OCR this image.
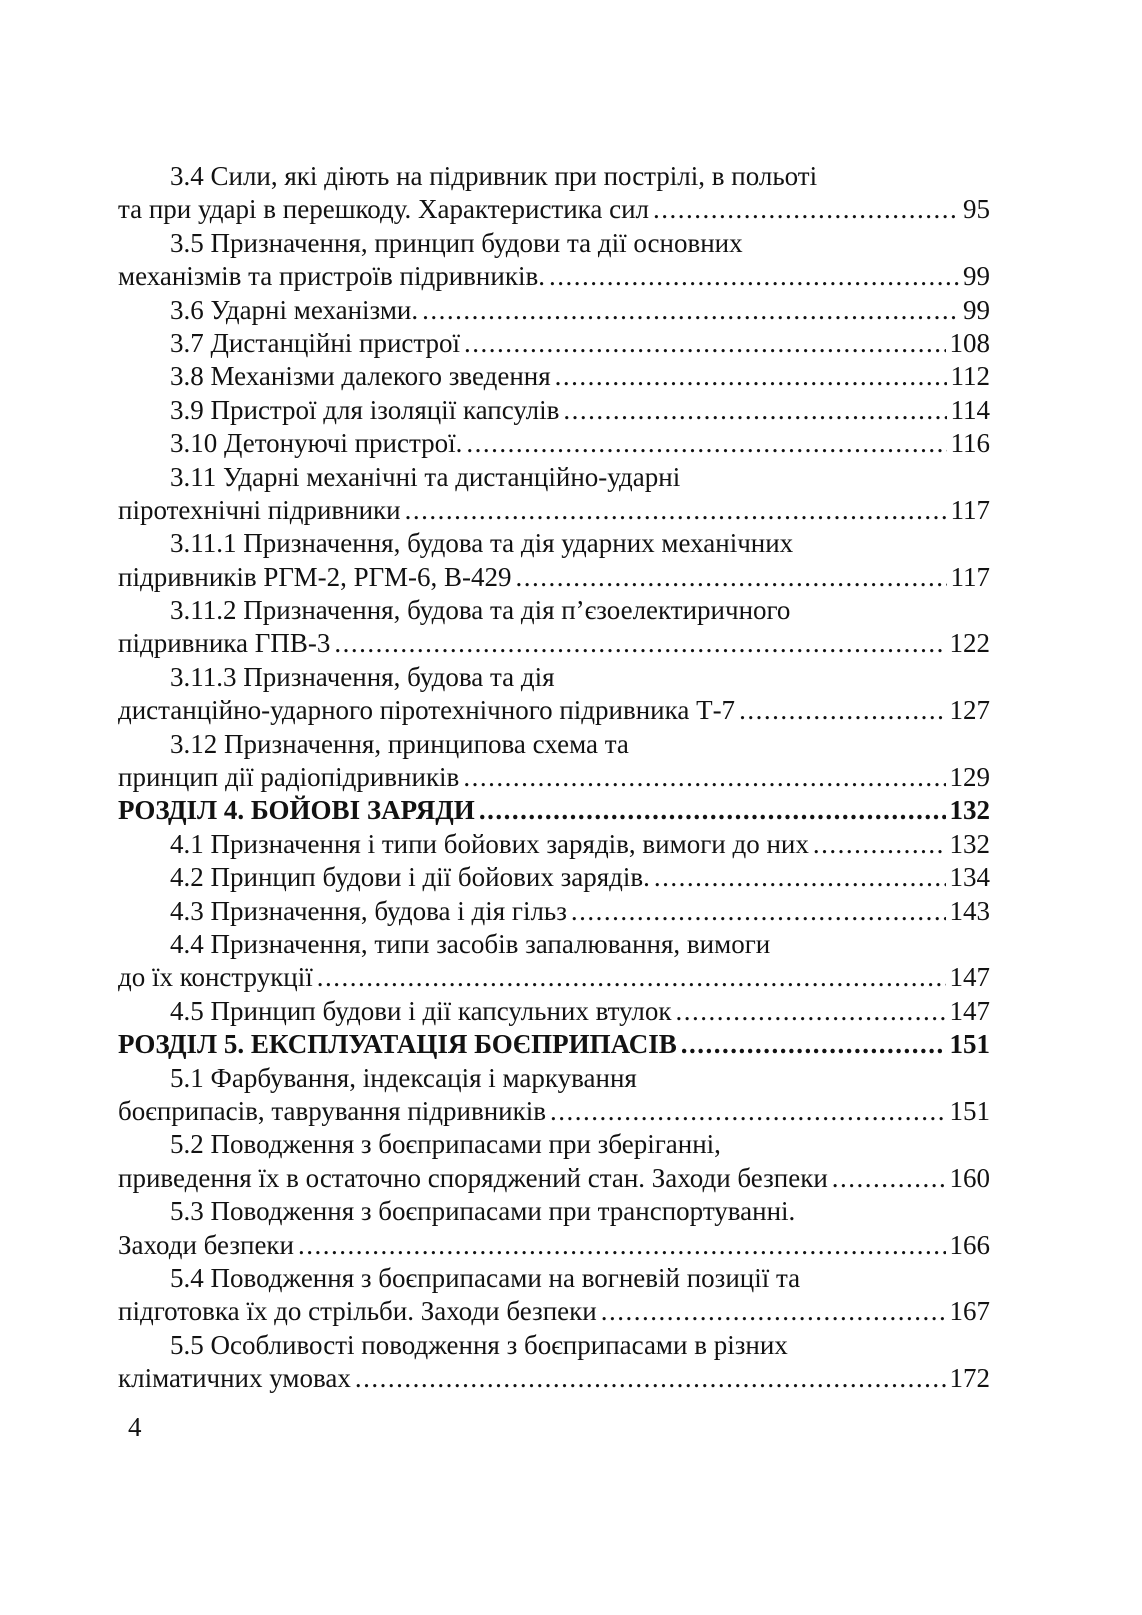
3.4 Сили, які діють на підривник при пострілі, в польоті
та при ударі в перешкоду. Характеристика сил .....	95
3.5 Призначення, принцип будови та дії основних
механізмів та пристроїв підривників. .....	99
3.6 Ударні механізми. .....	99
3.7 Дистанційні пристрої .....	108
3.8 Механізми далекого зведення .....	112
3.9 Пристрої для ізоляції капсулів .....	114
3.10 Детонуючі пристрої. .....	116
3.11 Ударні механічні та дистанційно-ударні
піротехнічні підривники .....	117
3.11.1 Призначення, будова та дія ударних механічних
підривників РГМ-2, РГМ-6, В-429 .....	117
3.11.2 Призначення, будова та дія п’єзоелектиричного
підривника ГПВ-3 .....	122
3.11.3 Призначення, будова та дія
дистанційно-ударного піротехнічного підривника Т-7 .....	127
3.12 Призначення, принципова схема та
принцип дії радіопідривників .....	129
РОЗДІЛ 4. БОЙОВІ ЗАРЯДИ .....	132
4.1 Призначення і типи бойових зарядів, вимоги до них .....	132
4.2 Принцип будови і дії бойових зарядів. .....	134
4.3 Призначення, будова і дія гільз .....	143
4.4 Призначення, типи засобів запалювання, вимоги
до їх конструкції .....	147
4.5 Принцип будови і дії капсульних втулок .....	147
РОЗДІЛ 5. ЕКСПЛУАТАЦІЯ БОЄПРИПАСІВ .....	151
5.1 Фарбування, індексація і маркування
боєприпасів, таврування підривників .....	151
5.2 Поводження з боєприпасами при зберіганні,
приведення їх в остаточно споряджений стан. Заходи безпеки .....	160
5.3 Поводження з боєприпасами при транспортуванні.
Заходи безпеки .....	166
5.4 Поводження з боєприпасами на вогневій позиції та
підготовка їх до стрільби. Заходи безпеки .....	167
5.5 Особливості поводження з боєприпасами в різних
кліматичних умовах .....	172
4
